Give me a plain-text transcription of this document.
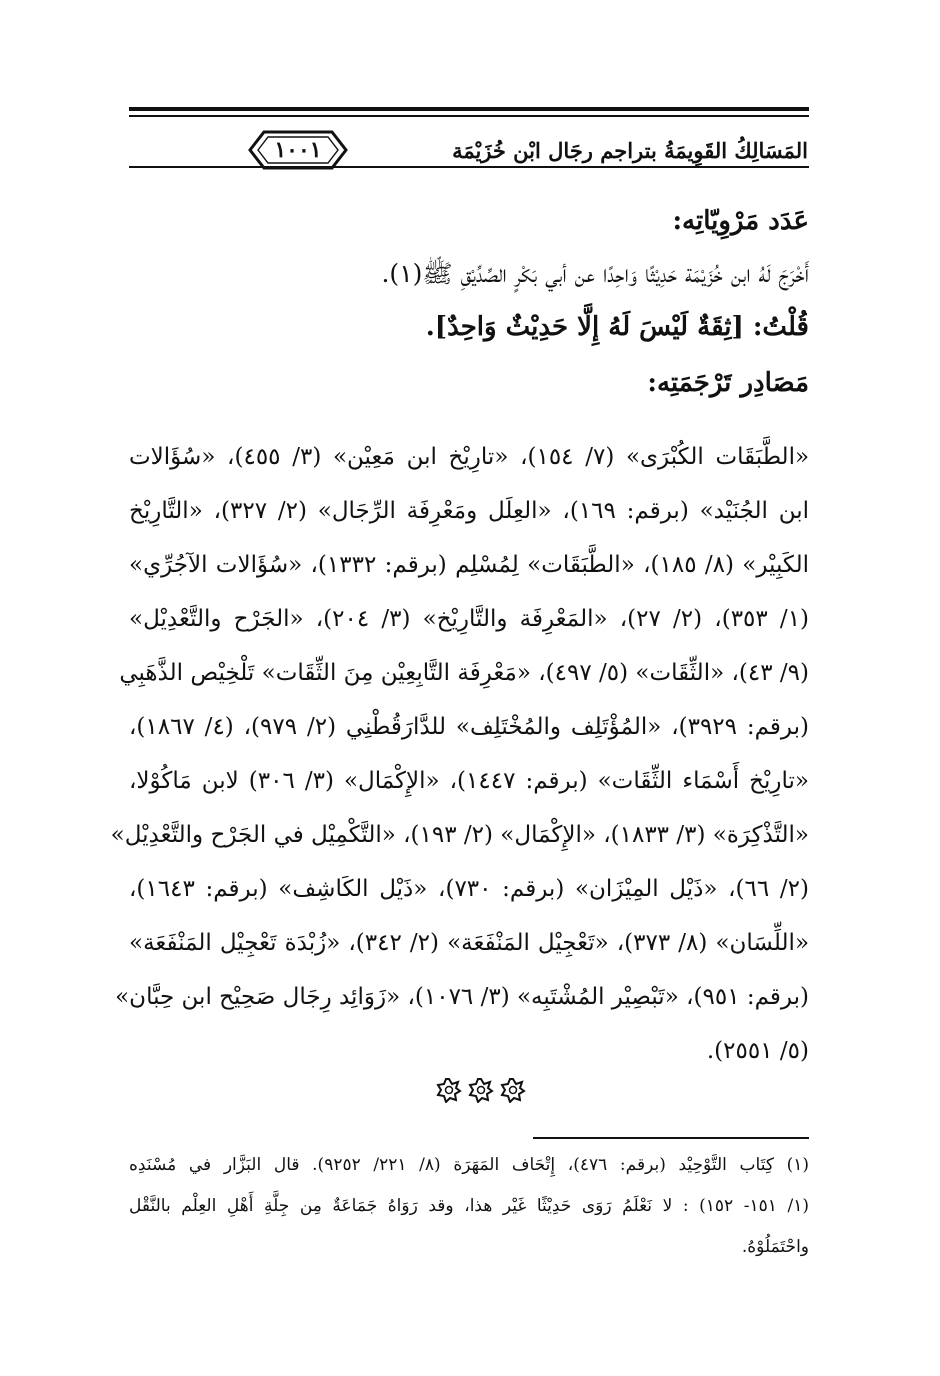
١٠٠١	المَسَالِكُ القَوِيمَةُ بتراجم رجَال ابْن خُزَيْمَة
عَدَد مَرْوِيّاتِه:
أَخْرَجَ لَهُ ابن خُزَيْمَة حَدِيْثًا وَاحِدًا عن أبي بَكْرٍ الصِّدِّيْقِ ﷺ(١).
قُلْتُ: [ثِقَةٌ لَيْسَ لَهُ إِلَّا حَدِيْثٌ وَاحِدٌ].
مَصَادِر تَرْجَمَتِه:
«الطَّبَقَات الكُبْرَى» (٧/ ١٥٤)، «تارِيْخ ابن مَعِيْن» (٣/ ٤٥٥)، «سُؤَالات
ابن الجُنَيْد» (برقم: ١٦٩)، «العِلَل ومَعْرِفَة الرِّجَال» (٢/ ٣٢٧)، «التَّارِيْخ
الكَبِيْر» (٨/ ١٨٥)، «الطَّبَقَات» لِمُسْلِم (برقم: ١٣٣٢)، «سُؤَالات الآجُرِّي»
(١/ ٣٥٣)، (٢/ ٢٧)، «المَعْرِفَة والتَّارِيْخ» (٣/ ٢٠٤)، «الجَرْح والتَّعْدِيْل»
(٩/ ٤٣)، «الثِّقَات» (٥/ ٤٩٧)، «مَعْرِفَة التَّابِعِيْن مِنَ الثِّقَات» تَلْخِيْص الذَّهَبِي
(برقم: ٣٩٢٩)، «المُؤْتَلِف والمُخْتَلِف» للدَّارَقُطْنِي (٢/ ٩٧٩)، (٤/ ١٨٦٧)،
«تارِيْخ أَسْمَاء الثِّقَات» (برقم: ١٤٤٧)، «الإِكْمَال» (٣/ ٣٠٦) لابن مَاكُوْلا،
«التَّذْكِرَة» (٣/ ١٨٣٣)، «الإِكْمَال» (٢/ ١٩٣)، «التَّكْمِيْل في الجَرْح والتَّعْدِيْل»
(٢/ ٦٦)، «ذَيْل المِيْزَان» (برقم: ٧٣٠)، «ذَيْل الكَاشِف» (برقم: ١٦٤٣)،
«اللِّسَان» (٨/ ٣٧٣)، «تَعْجِيْل المَنْفَعَة» (٢/ ٣٤٢)، «زُبْدَة تَعْجِيْل المَنْفَعَة»
(برقم: ٩٥١)، «تَبْصِيْر المُشْتَبِه» (٣/ ١٠٧٦)، «زَوَائِد رِجَال صَحِيْح ابن حِبَّان»
(٥/ ٢٥٥١).
(١) كِتَاب التَّوْحِيْد (برقم: ٤٧٦)، إِتْحَاف المَهَرَة (٨/ ٢٢١/ ٩٢٥٢). قال البَزَّار في مُسْنَدِه
(١/ ١٥١- ١٥٢) : لا نَعْلَمُ رَوَى حَدِيْثًا غَيْر هذا، وقد رَوَاهُ جَمَاعَةٌ مِن جِلَّةِ أَهْلِ العِلْم بالنَّقْل
واحْتَمَلُوْهُ.
